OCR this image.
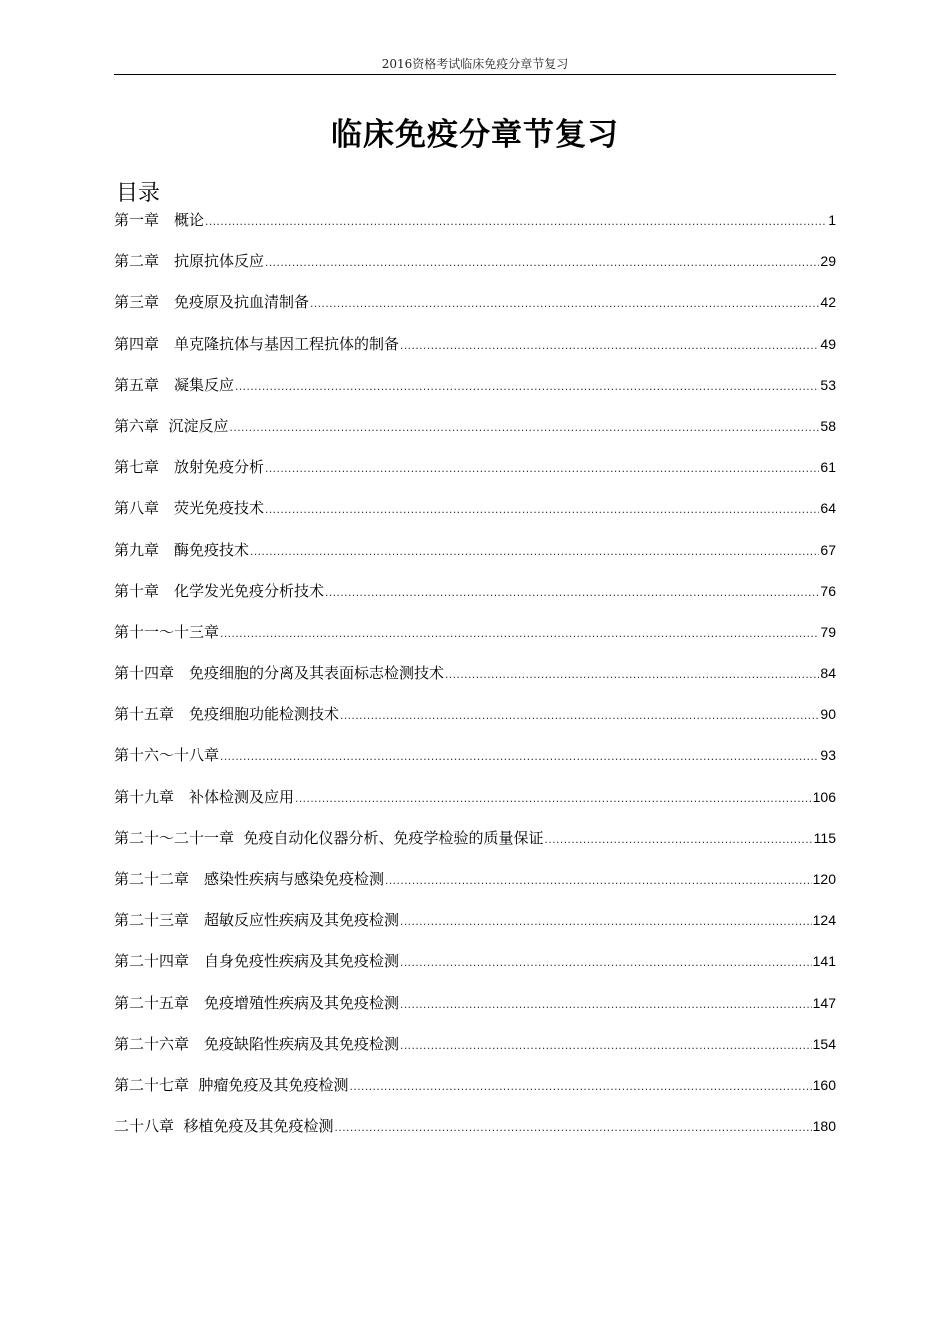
2016资格考试临床免疫分章节复习
临床免疫分章节复习
目录
第一章　概论 .....	1
第二章　抗原抗体反应 .....	29
第三章　免疫原及抗血清制备 .....	42
第四章　单克隆抗体与基因工程抗体的制备 .....	49
第五章　凝集反应 .....	53
第六章  沉淀反应 .....	58
第七章　放射免疫分析 .....	61
第八章　荧光免疫技术 .....	64
第九章　酶免疫技术 .....	67
第十章　化学发光免疫分析技术 .....	76
第十一～十三章 .....	79
第十四章　免疫细胞的分离及其表面标志检测技术 .....	84
第十五章　免疫细胞功能检测技术 .....	90
第十六～十八章 .....	93
第十九章　补体检测及应用 .....	106
第二十～二十一章  免疫自动化仪器分析、免疫学检验的质量保证 .....	115
第二十二章　感染性疾病与感染免疫检测 .....	120
第二十三章　超敏反应性疾病及其免疫检测 .....	124
第二十四章　自身免疫性疾病及其免疫检测 .....	141
第二十五章　免疫增殖性疾病及其免疫检测 .....	147
第二十六章　免疫缺陷性疾病及其免疫检测 .....	154
第二十七章  肿瘤免疫及其免疫检测 .....	160
二十八章  移植免疫及其免疫检测 .....	180
